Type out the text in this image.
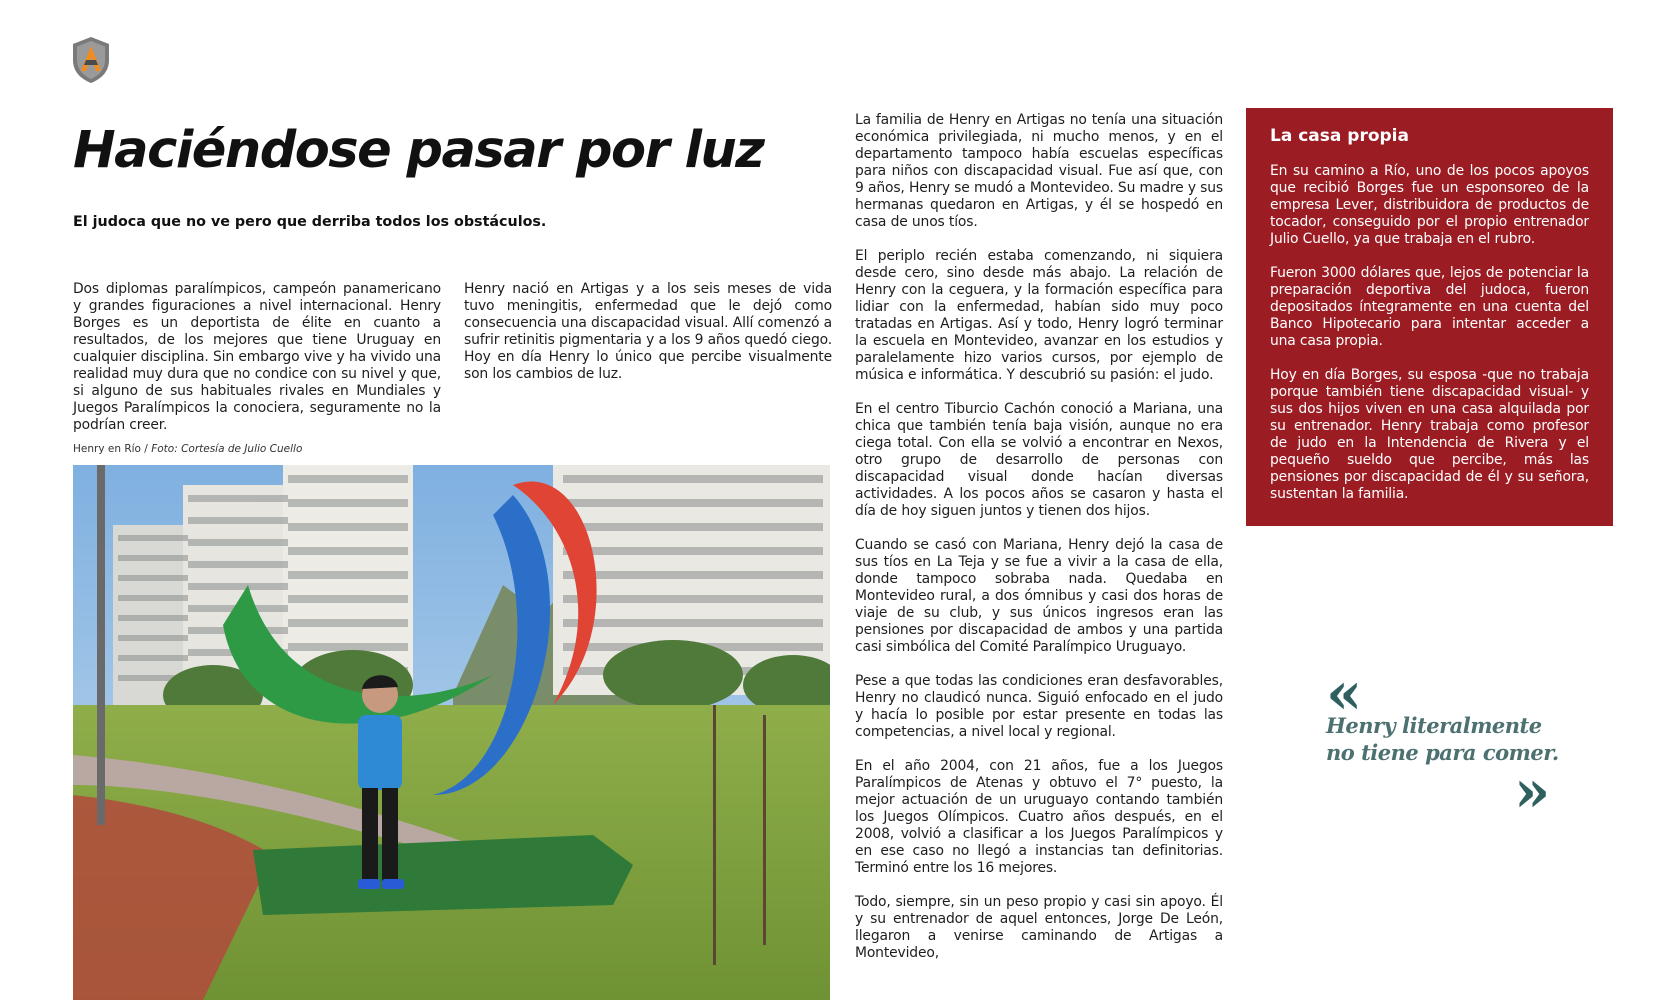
Haciéndose pasar por luz

El judoca que no ve pero que derriba todos los obstáculos.

Dos diplomas paralímpicos, campeón panamericano y grandes figuraciones a nivel internacional. Henry Borges es un deportista de élite en cuanto a resultados, de los mejores que tiene Uruguay en cualquier disciplina. Sin embargo vive y ha vivido una realidad muy dura que no condice con su nivel y que, si alguno de sus habituales rivales en Mundiales y Juegos Paralímpicos la conociera, seguramente no la podrían creer.

Henry nació en Artigas y a los seis meses de vida tuvo meningitis, enfermedad que le dejó como consecuencia una discapacidad visual. Allí comenzó a sufrir retinitis pigmentaria y a los 9 años quedó ciego. Hoy en día Henry lo único que percibe visualmente son los cambios de luz.

La familia de Henry en Artigas no tenía una situación económica privilegiada, ni mucho menos, y en el departamento tampoco había escuelas específicas para niños con discapacidad visual. Fue así que, con 9 años, Henry se mudó a Montevideo. Su madre y sus hermanas quedaron en Artigas, y él se hospedó en casa de unos tíos.

El periplo recién estaba comenzando, ni siquiera desde cero, sino desde más abajo. La relación de Henry con la ceguera, y la formación específica para lidiar con la enfermedad, habían sido muy poco tratadas en Artigas. Así y todo, Henry logró terminar la escuela en Montevideo, avanzar en los estudios y paralelamente hizo varios cursos, por ejemplo de música e informática. Y descubrió su pasión: el judo.

En el centro Tiburcio Cachón conoció a Mariana, una chica que también tenía baja visión, aunque no era ciega total. Con ella se volvió a encontrar en Nexos, otro grupo de desarrollo de personas con discapacidad visual donde hacían diversas actividades. A los pocos años se casaron y hasta el día de hoy siguen juntos y tienen dos hijos.

Cuando se casó con Mariana, Henry dejó la casa de sus tíos en La Teja y se fue a vivir a la casa de ella, donde tampoco sobraba nada. Quedaba en Montevideo rural, a dos ómnibus y casi dos horas de viaje de su club, y sus únicos ingresos eran las pensiones por discapacidad de ambos y una partida casi simbólica del Comité Paralímpico Uruguayo.

Pese a que todas las condiciones eran desfavorables, Henry no claudicó nunca. Siguió enfocado en el judo y hacía lo posible por estar presente en todas las competencias, a nivel local y regional.

En el año 2004, con 21 años, fue a los Juegos Paralímpicos de Atenas y obtuvo el 7° puesto, la mejor actuación de un uruguayo contando también los Juegos Olímpicos. Cuatro años después, en el 2008, volvió a clasificar a los Juegos Paralímpicos y en ese caso no llegó a instancias tan definitorias. Terminó entre los 16 mejores.

Todo, siempre, sin un peso propio y casi sin apoyo. Él y su entrenador de aquel entonces, Jorge De León, llegaron a venirse caminando de Artigas a Montevideo,

Henry en Río / Foto: Cortesía de Julio Cuello

La casa propia

En su camino a Río, uno de los pocos apoyos que recibió Borges fue un esponsoreo de la empresa Lever, distribuidora de productos de tocador, conseguido por el propio entrenador Julio Cuello, ya que trabaja en el rubro.

Fueron 3000 dólares que, lejos de potenciar la preparación deportiva del judoca, fueron depositados íntegramente en una cuenta del Banco Hipotecario para intentar acceder a una casa propia.

Hoy en día Borges, su esposa -que no trabaja porque también tiene discapacidad visual- y sus dos hijos viven en una casa alquilada por su entrenador. Henry trabaja como profesor de judo en la Intendencia de Rivera y el pequeño sueldo que percibe, más las pensiones por discapacidad de él y su señora, sustentan la familia.

«

Henry literalmente no tiene para comer.

»
